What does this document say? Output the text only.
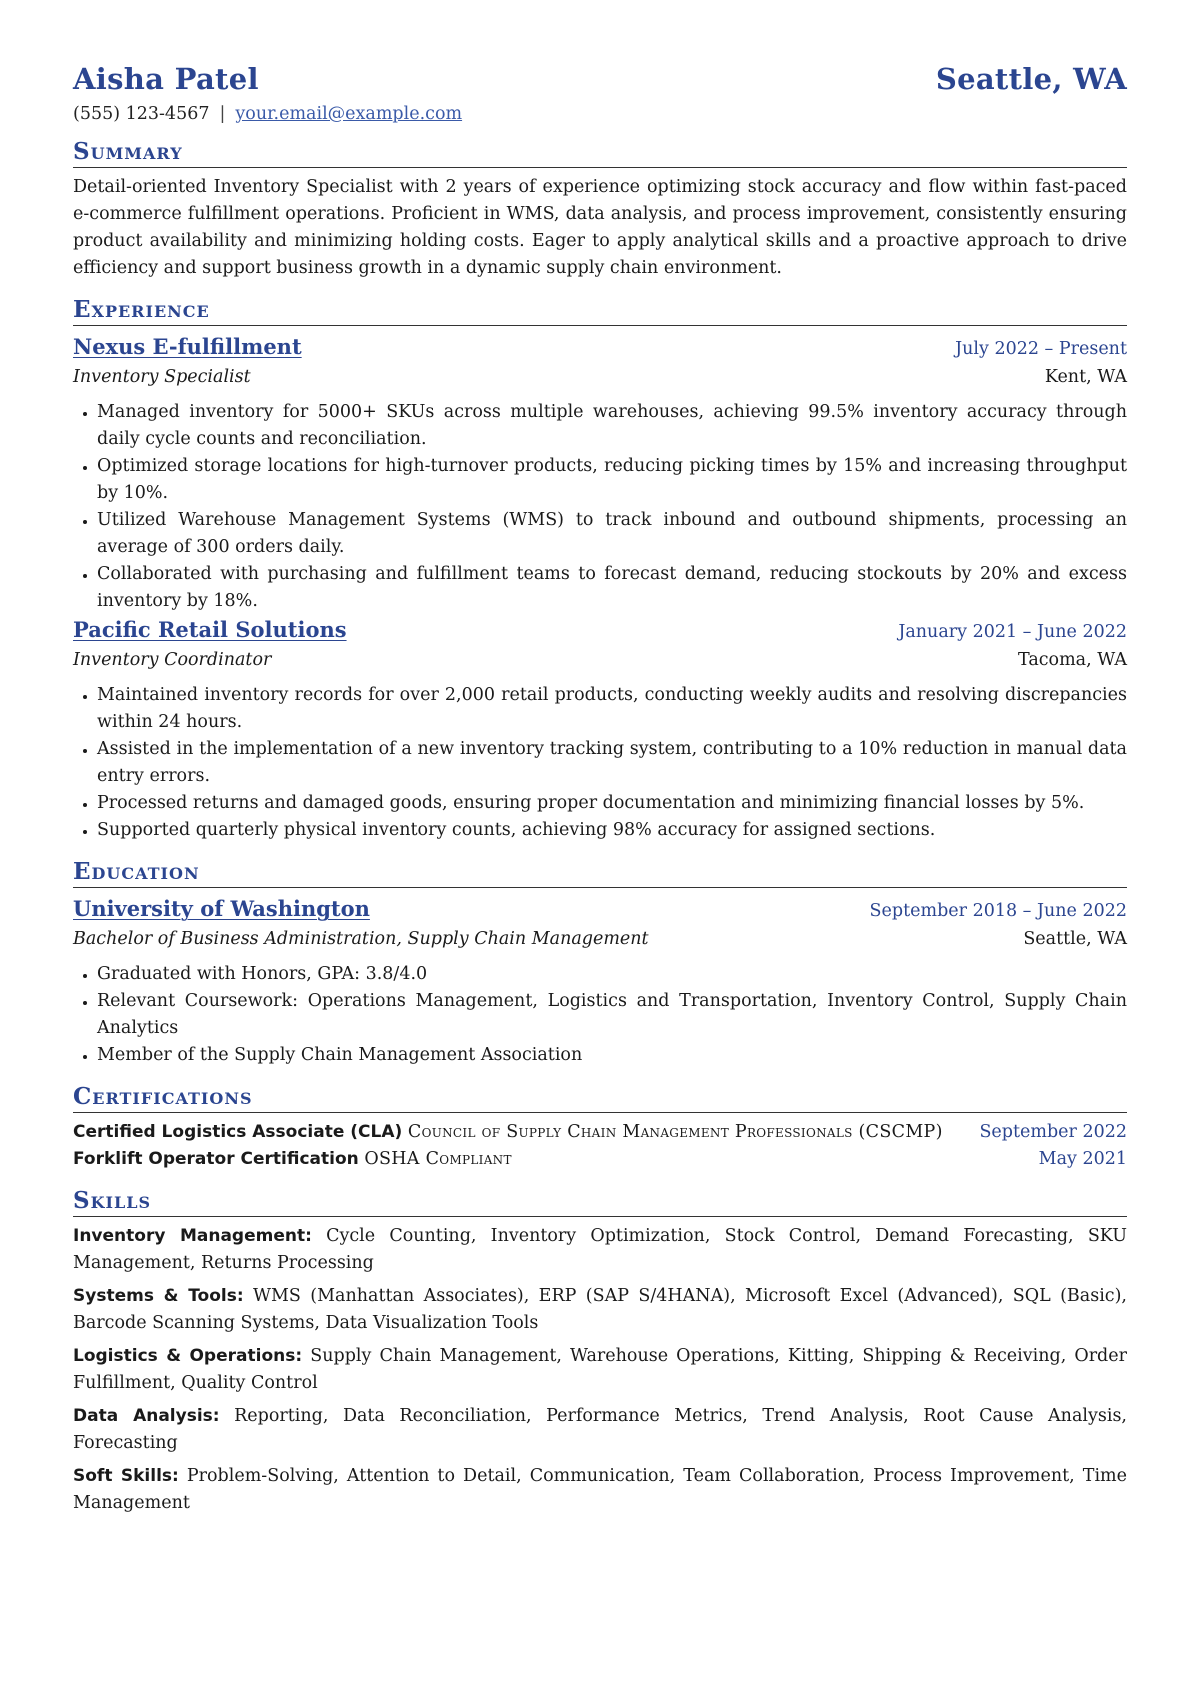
Aisha Patel	Seattle, WA
(555) 123-4567 | your.email@example.com
Summary
Detail-oriented Inventory Specialist with 2 years of experience optimizing stock accuracy and flow within fast-paced e-commerce fulfillment operations. Proficient in WMS, data analysis, and process improvement, consistently ensuring product availability and minimizing holding costs. Eager to apply analytical skills and a proactive approach to drive efficiency and support business growth in a dynamic supply chain environment.
Experience
Nexus E-fulfillment	July 2022 – Present
Inventory Specialist	Kent, WA
• Managed inventory for 5000+ SKUs across multiple warehouses, achieving 99.5% inventory accuracy through daily cycle counts and reconciliation.
• Optimized storage locations for high-turnover products, reducing picking times by 15% and increasing throughput by 10%.
• Utilized Warehouse Management Systems (WMS) to track inbound and outbound shipments, processing an average of 300 orders daily.
• Collaborated with purchasing and fulfillment teams to forecast demand, reducing stockouts by 20% and excess inventory by 18%.
Pacific Retail Solutions	January 2021 – June 2022
Inventory Coordinator	Tacoma, WA
• Maintained inventory records for over 2,000 retail products, conducting weekly audits and resolving discrepancies within 24 hours.
• Assisted in the implementation of a new inventory tracking system, contributing to a 10% reduction in manual data entry errors.
• Processed returns and damaged goods, ensuring proper documentation and minimizing financial losses by 5%.
• Supported quarterly physical inventory counts, achieving 98% accuracy for assigned sections.
Education
University of Washington	September 2018 – June 2022
Bachelor of Business Administration, Supply Chain Management	Seattle, WA
• Graduated with Honors, GPA: 3.8/4.0
• Relevant Coursework: Operations Management, Logistics and Transportation, Inventory Control, Supply Chain Analytics
• Member of the Supply Chain Management Association
Certifications
Certified Logistics Associate (CLA) Council of Supply Chain Management Professionals (CSCMP)	September 2022
Forklift Operator Certification OSHA Compliant	May 2021
Skills
Inventory Management: Cycle Counting, Inventory Optimization, Stock Control, Demand Forecasting, SKU Management, Returns Processing
Systems & Tools: WMS (Manhattan Associates), ERP (SAP S/4HANA), Microsoft Excel (Advanced), SQL (Basic), Barcode Scanning Systems, Data Visualization Tools
Logistics & Operations: Supply Chain Management, Warehouse Operations, Kitting, Shipping & Receiving, Order Fulfillment, Quality Control
Data Analysis: Reporting, Data Reconciliation, Performance Metrics, Trend Analysis, Root Cause Analysis, Forecasting
Soft Skills: Problem-Solving, Attention to Detail, Communication, Team Collaboration, Process Improvement, Time Management
